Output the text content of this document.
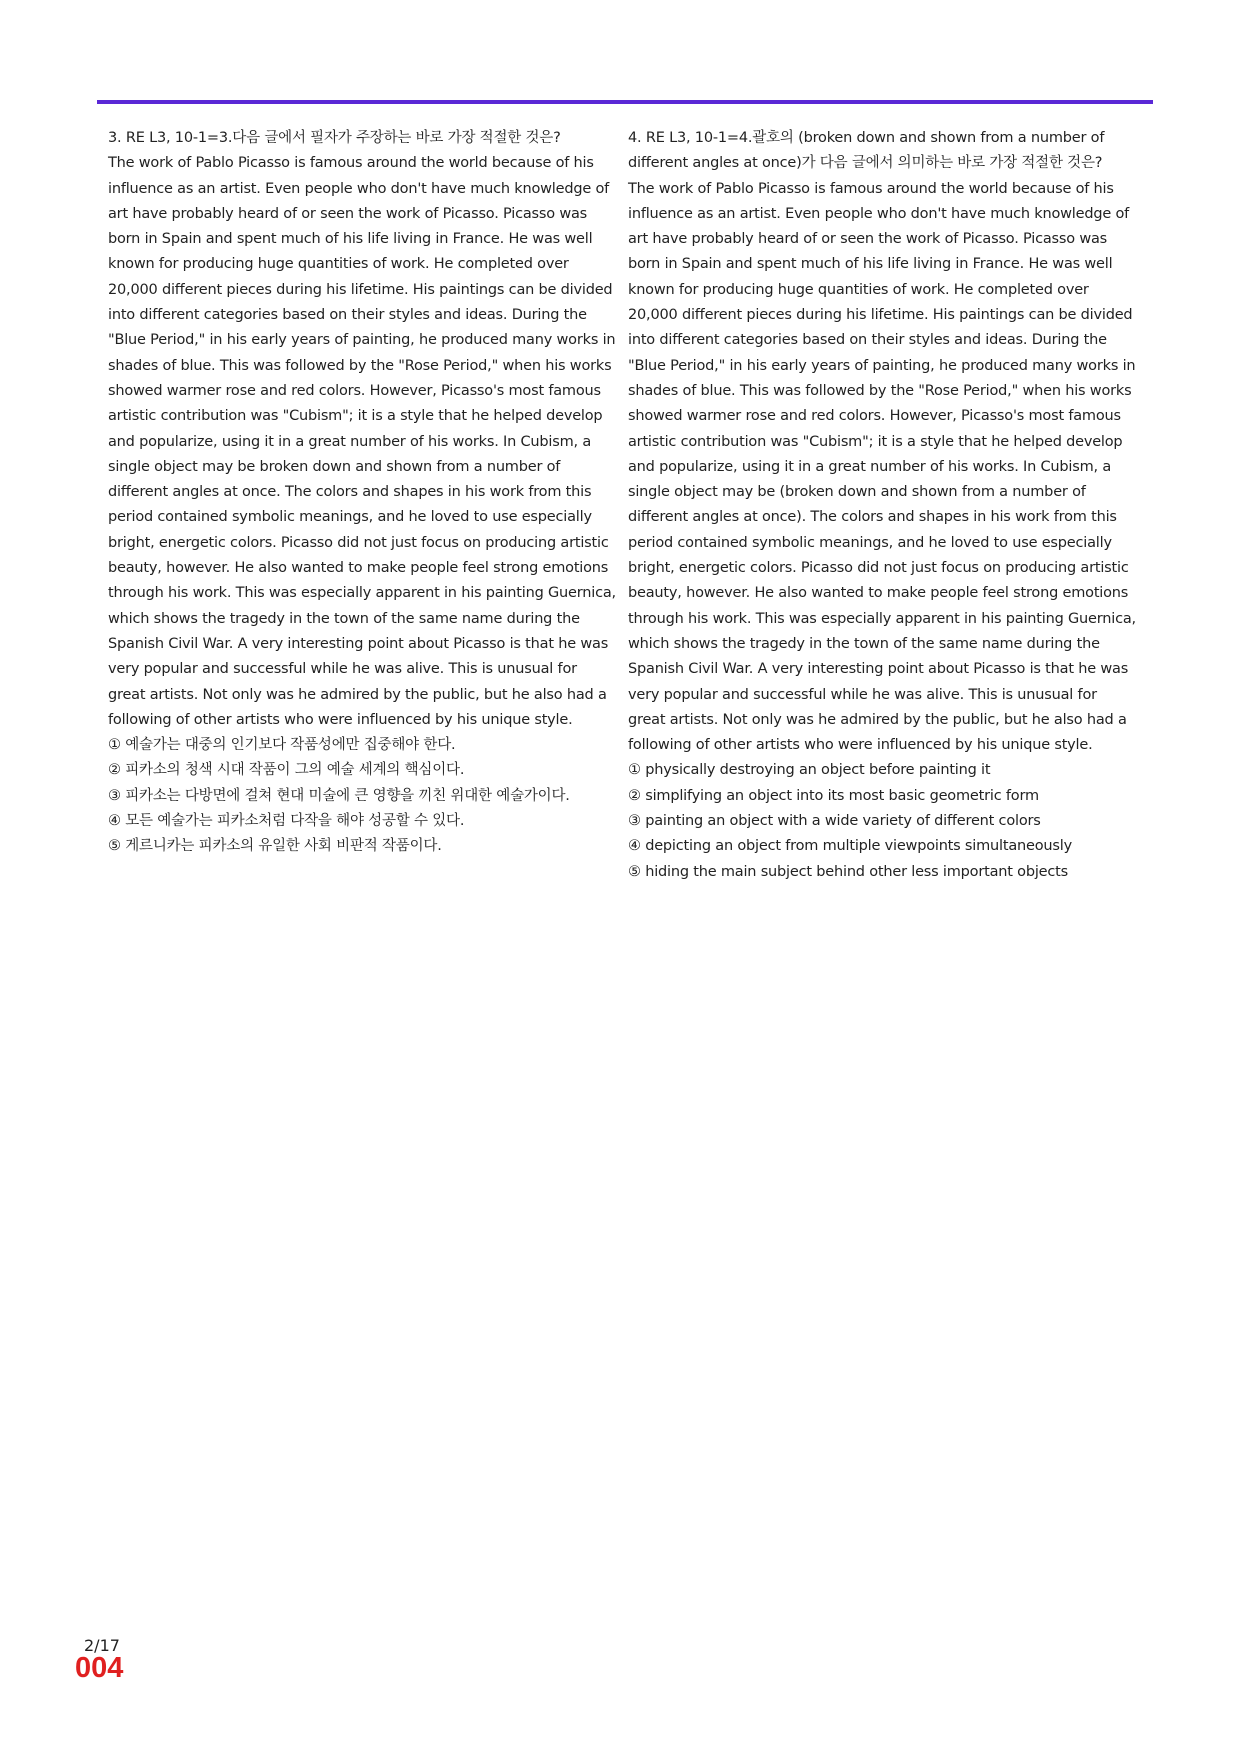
3. RE L3, 10-1=3.다음 글에서 필자가 주장하는 바로 가장 적절한 것은?

The work of Pablo Picasso is famous around the world because of his influence as an artist. Even people who don't have much knowledge of art have probably heard of or seen the work of Picasso. Picasso was born in Spain and spent much of his life living in France. He was well known for producing huge quantities of work. He completed over 20,000 different pieces during his lifetime. His paintings can be divided into different categories based on their styles and ideas. During the "Blue Period," in his early years of painting, he produced many works in shades of blue. This was followed by the "Rose Period," when his works showed warmer rose and red colors. However, Picasso's most famous artistic contribution was "Cubism"; it is a style that he helped develop and popularize, using it in a great number of his works. In Cubism, a single object may be broken down and shown from a number of different angles at once. The colors and shapes in his work from this period contained symbolic meanings, and he loved to use especially bright, energetic colors. Picasso did not just focus on producing artistic beauty, however. He also wanted to make people feel strong emotions through his work. This was especially apparent in his painting Guernica, which shows the tragedy in the town of the same name during the Spanish Civil War. A very interesting point about Picasso is that he was very popular and successful while he was alive. This is unusual for great artists. Not only was he admired by the public, but he also had a following of other artists who were influenced by his unique style.

① 예술가는 대중의 인기보다 작품성에만 집중해야 한다.
② 피카소의 청색 시대 작품이 그의 예술 세계의 핵심이다.
③ 피카소는 다방면에 걸쳐 현대 미술에 큰 영향을 끼친 위대한 예술가이다.
④ 모든 예술가는 피카소처럼 다작을 해야 성공할 수 있다.
⑤ 게르니카는 피카소의 유일한 사회 비판적 작품이다.

4. RE L3, 10-1=4.괄호의 (broken down and shown from a number of different angles at once)가 다음 글에서 의미하는 바로 가장 적절한 것은?

The work of Pablo Picasso is famous around the world because of his influence as an artist. Even people who don't have much knowledge of art have probably heard of or seen the work of Picasso. Picasso was born in Spain and spent much of his life living in France. He was well known for producing huge quantities of work. He completed over 20,000 different pieces during his lifetime. His paintings can be divided into different categories based on their styles and ideas. During the "Blue Period," in his early years of painting, he produced many works in shades of blue. This was followed by the "Rose Period," when his works showed warmer rose and red colors. However, Picasso's most famous artistic contribution was "Cubism"; it is a style that he helped develop and popularize, using it in a great number of his works. In Cubism, a single object may be (broken down and shown from a number of different angles at once). The colors and shapes in his work from this period contained symbolic meanings, and he loved to use especially bright, energetic colors. Picasso did not just focus on producing artistic beauty, however. He also wanted to make people feel strong emotions through his work. This was especially apparent in his painting Guernica, which shows the tragedy in the town of the same name during the Spanish Civil War. A very interesting point about Picasso is that he was very popular and successful while he was alive. This is unusual for great artists. Not only was he admired by the public, but he also had a following of other artists who were influenced by his unique style.

① physically destroying an object before painting it
② simplifying an object into its most basic geometric form
③ painting an object with a wide variety of different colors
④ depicting an object from multiple viewpoints simultaneously
⑤ hiding the main subject behind other less important objects
2/17
004
